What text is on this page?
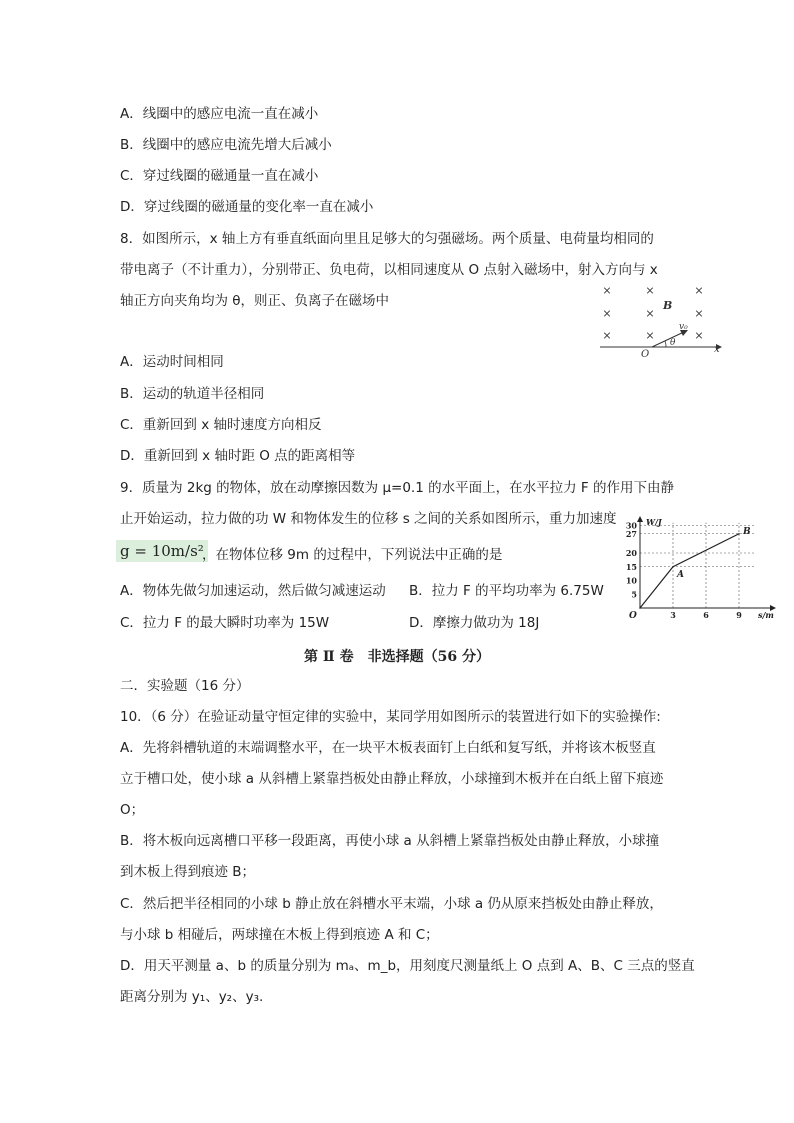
A．线圈中的感应电流一直在减小
B．线圈中的感应电流先增大后减小
C．穿过线圈的磁通量一直在减小
D．穿过线圈的磁通量的变化率一直在减小
8．如图所示，x 轴上方有垂直纸面向里且足够大的匀强磁场。两个质量、电荷量均相同的
带电离子（不计重力），分别带正、负电荷，以相同速度从 O 点射入磁场中，射入方向与 x
轴正方向夹角均为 θ，则正、负离子在磁场中
×	×	×
×	×	×
×	×	×
B
x
v₀
θ
O
A．运动时间相同
B．运动的轨道半径相同
C．重新回到 x 轴时速度方向相反
D．重新回到 x 轴时距 O 点的距离相等
9．质量为 2kg 的物体，放在动摩擦因数为 μ=0.1 的水平面上，在水平拉力 F 的作用下由静
止开始运动，拉力做的功 W 和物体发生的位移 s 之间的关系如图所示，重力加速度
g = 10m/s²
，在物体位移 9m 的过程中，下列说法中正确的是
A．物体先做匀加速运动，然后做匀减速运动 B．拉力 F 的平均功率为 6.75W
C．拉力 F 的最大瞬时功率为 15W	D．摩擦力做功为 18J
W/J
s/m
O
5
10
15
20
27
30
3	6	9
A
B
第 Ⅱ 卷　非选择题（56 分）
二．实验题（16 分）
10．（6 分）在验证动量守恒定律的实验中，某同学用如图所示的装置进行如下的实验操作:
A．先将斜槽轨道的末端调整水平，在一块平木板表面钉上白纸和复写纸，并将该木板竖直
立于槽口处，使小球 a 从斜槽上紧靠挡板处由静止释放，小球撞到木板并在白纸上留下痕迹
O；
B．将木板向远离槽口平移一段距离，再使小球 a 从斜槽上紧靠挡板处由静止释放，小球撞
到木板上得到痕迹 B；
C．然后把半径相同的小球 b 静止放在斜槽水平末端，小球 a 仍从原来挡板处由静止释放，
与小球 b 相碰后，两球撞在木板上得到痕迹 A 和 C；
D．用天平测量 a、b 的质量分别为 mₐ、m_b，用刻度尺测量纸上 O 点到 A、B、C 三点的竖直
距离分别为 y₁、y₂、y₃.
